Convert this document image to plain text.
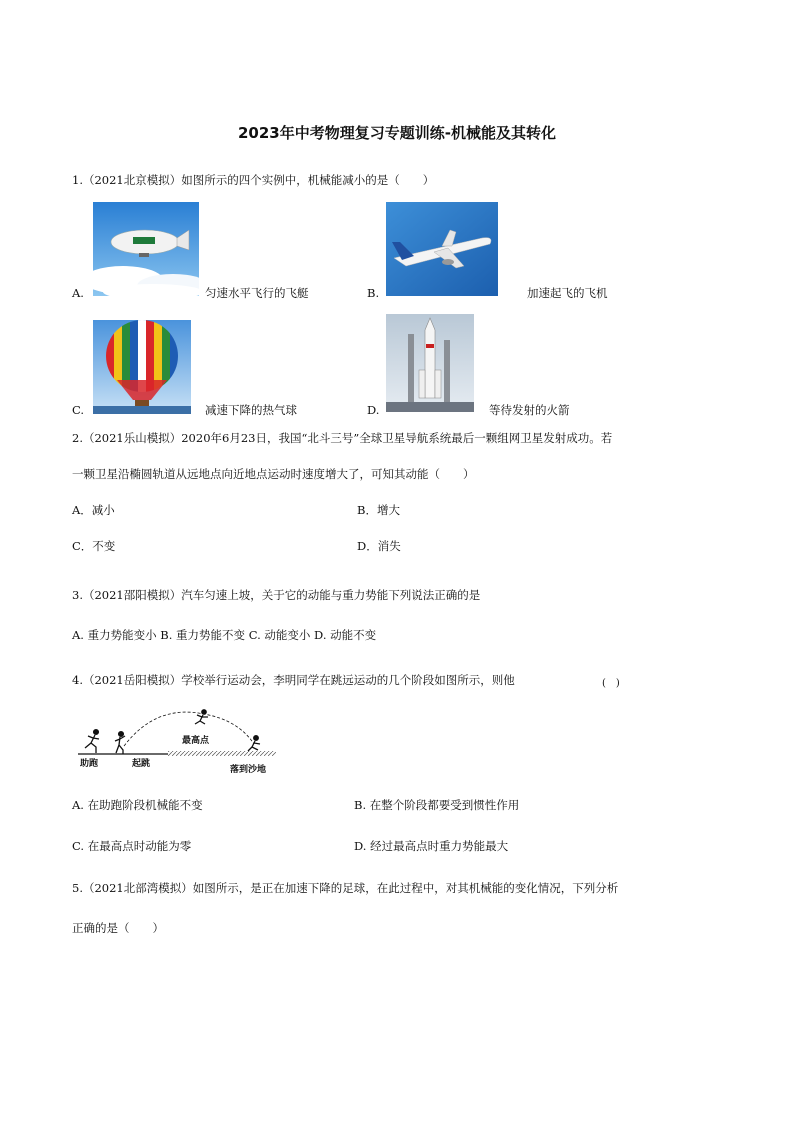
2023年中考物理复习专题训练-机械能及其转化
1.（2021北京模拟）如图所示的四个实例中，机械能减小的是（　　）
A.	匀速水平飞行的飞艇	B.	加速起飞的飞机
C.	减速下降的热气球	D.	等待发射的火箭
2.（2021乐山模拟）2020年6月23日，我国“北斗三号”全球卫星导航系统最后一颗组网卫星发射成功。若
一颗卫星沿椭圆轨道从远地点向近地点运动时速度增大了，可知其动能（　　）
A．减小	B．增大
C．不变	D．消失
3.（2021邵阳模拟）汽车匀速上坡，关于它的动能与重力势能下列说法正确的是
A. 重力势能变小 B. 重力势能不变 C. 动能变小 D. 动能不变
4.（2021岳阳模拟）学校举行运动会，李明同学在跳远运动的几个阶段如图所示，则他	(　)
助跑	起跳
最高点
落到沙地
A. 在助跑阶段机械能不变	B. 在整个阶段都要受到惯性作用
C. 在最高点时动能为零	D. 经过最高点时重力势能最大
5.（2021北部湾模拟）如图所示，是正在加速下降的足球，在此过程中，对其机械能的变化情况，下列分析
正确的是（　　）
